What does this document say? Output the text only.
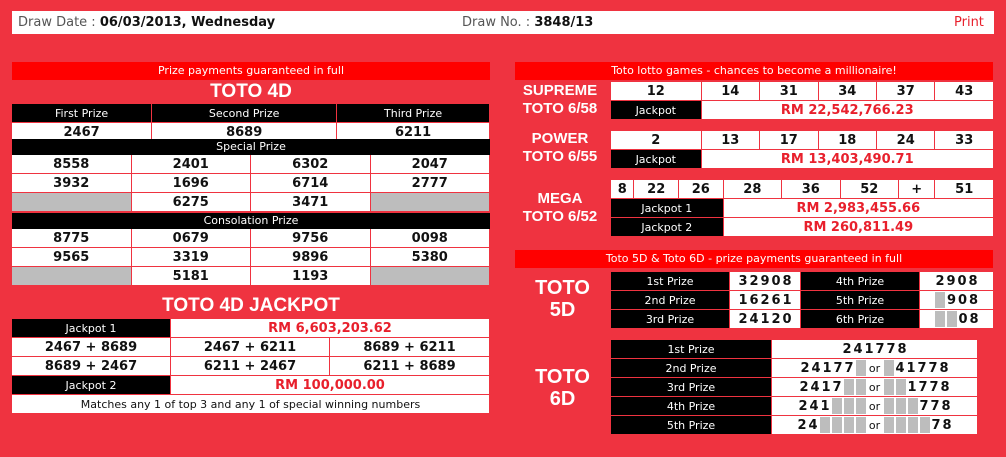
Draw Date : 06/03/2013, Wednesday	Draw No. : 3848/13	Print
Prize payments guaranteed in full
TOTO 4D
First Prize	Second Prize	Third Prize
2467	8689	6211
Special Prize
8558	2401	6302	2047
3932	1696	6714	2777
	6275	3471	
Consolation Prize
8775	0679	9756	0098
9565	3319	9896	5380
	5181	1193	
TOTO 4D JACKPOT
Jackpot 1	RM 6,603,203.62	
2467 + 8689	2467 + 6211	8689 + 6211
8689 + 2467	6211 + 2467	6211 + 8689
Jackpot 2	RM 100,000.00	
Matches any 1 of top 3 and any 1 of special winning numbers		
Toto lotto games - chances to become a millionaire!
SUPREME
TOTO 6/58
12	14	31	34	37	43
Jackpot	RM 22,542,766.23				
POWER
TOTO 6/55
2	13	17	18	24	33
Jackpot	RM 13,403,490.71				
MEGA
TOTO 6/52
8	22	26	28	36	52	+	51
Jackpot 1			RM 2,983,455.66				
Jackpot 2			RM 260,811.49				
Toto 5D & Toto 6D - prize payments guaranteed in full
TOTO
5D
1st Prize	3 2 9 0 8	4th Prize	2 9 0 8
2nd Prize	1 6 2 6 1	5th Prize	9 0 8
3rd Prize	2 4 1 2 0	6th Prize	0 8
TOTO
6D
1st Prize	2 4 1 7 7 8
2nd Prize	2 4 1 7 7 or 4 1 7 7 8
3rd Prize	2 4 1 7 or 1 7 7 8
4th Prize	2 4 1 or 7 7 8
5th Prize	2 4 or 7 8
